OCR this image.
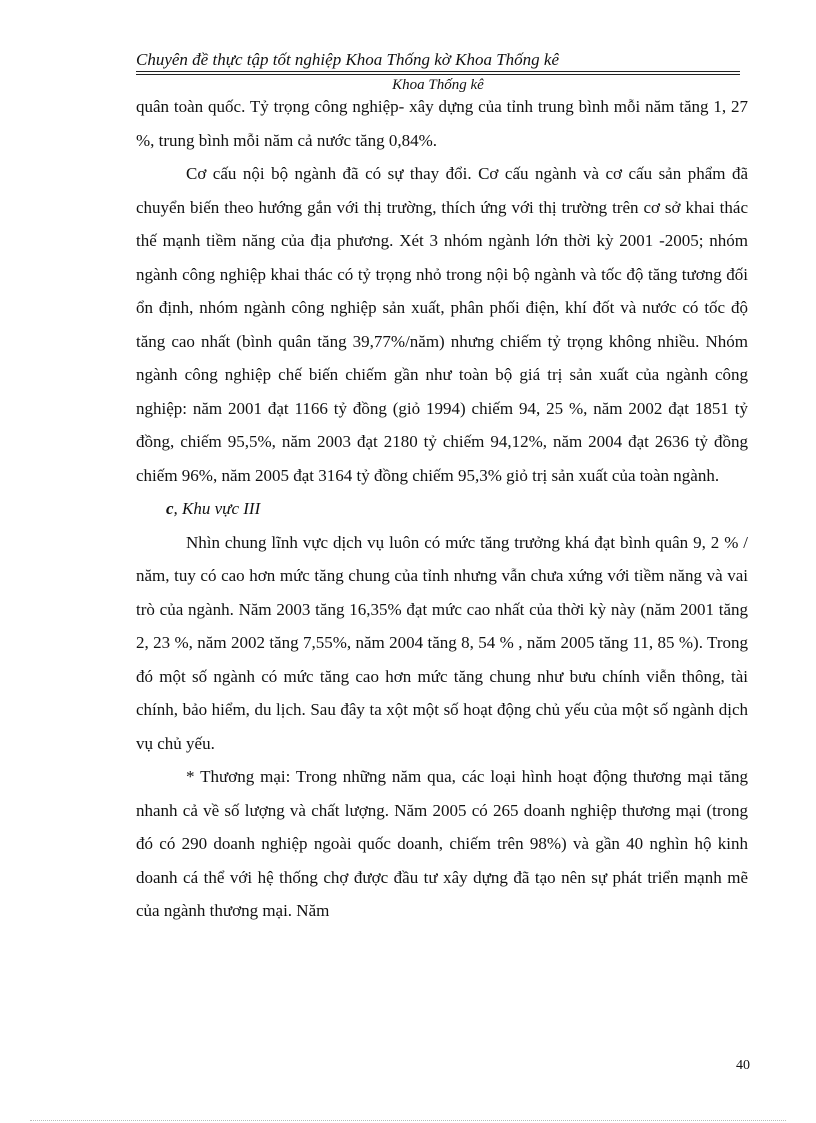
Chuyên đề thực tập tốt nghiệp Khoa Thống kờ Khoa Thống kê
Khoa Thống kê

quân toàn quốc. Tỷ trọng công nghiệp- xây dựng của tỉnh trung bình mỗi năm tăng 1, 27 %, trung bình mỗi năm cả nước tăng 0,84%.

Cơ cấu nội bộ ngành đã có sự thay đổi. Cơ cấu ngành và cơ cấu sản phẩm đã chuyển biến theo hướng gắn với thị trường, thích ứng với thị trường trên cơ sở khai thác thế mạnh tiềm năng của địa phương. Xét 3 nhóm ngành lớn thời kỳ 2001 -2005; nhóm ngành công nghiệp khai thác có tỷ trọng nhỏ trong nội bộ ngành và tốc độ tăng tương đối ổn định, nhóm ngành công nghiệp sản xuất, phân phối điện, khí đốt và nước có tốc độ tăng cao nhất (bình quân tăng 39,77%/năm) nhưng chiếm tỷ trọng không nhiều. Nhóm ngành công nghiệp chế biến chiếm gần như toàn bộ giá trị sản xuất của ngành công nghiệp: năm 2001 đạt 1166 tỷ đồng (giỏ 1994) chiếm 94, 25 %, năm 2002 đạt 1851 tỷ đồng, chiếm 95,5%, năm 2003 đạt 2180 tỷ chiếm 94,12%, năm 2004 đạt 2636 tỷ đồng chiếm 96%, năm 2005 đạt 3164 tỷ đồng chiếm 95,3% giỏ trị sản xuất của toàn ngành.

c, Khu vực III

Nhìn chung lĩnh vực dịch vụ luôn có mức tăng trưởng khá đạt bình quân 9, 2 % / năm, tuy có cao hơn mức tăng chung của tỉnh nhưng vẫn chưa xứng với tiềm năng và vai trò của ngành. Năm 2003 tăng 16,35% đạt mức cao nhất của thời kỳ này (năm 2001 tăng 2, 23 %, năm 2002 tăng 7,55%, năm 2004 tăng 8, 54 % , năm 2005 tăng 11, 85 %). Trong đó một số ngành có mức tăng cao hơn mức tăng chung như bưu chính viễn thông, tài chính, bảo hiểm, du lịch. Sau đây ta xột một số hoạt động chủ yếu của một số ngành dịch vụ chủ yếu.

* Thương mại: Trong những năm qua, các loại hình hoạt động thương mại tăng nhanh cả về số lượng và chất lượng. Năm 2005 có 265 doanh nghiệp thương mại (trong đó có 290 doanh nghiệp ngoài quốc doanh, chiếm trên 98%) và gần 40 nghìn hộ kinh doanh cá thể với hệ thống chợ được đầu tư xây dựng đã tạo nên sự phát triển mạnh mẽ của ngành thương mại. Năm

40
